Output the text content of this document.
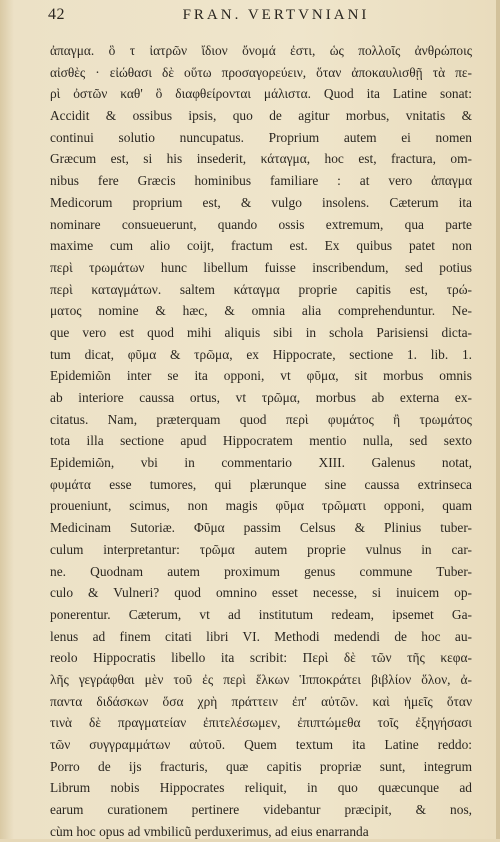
42	FRAN. VERTVNIANI
ἀπαγμα. ὃ τ ἰατρῶν ἴδιον ὄνομά ἐστι, ὡς πολλοῖς ἀνθρώποις
αἰσθὲς · εἰώθασι δὲ οὕτω προσαγορεύειν, ὅταν ἀποκαυλισθῇ τὰ πε-
ρὶ ὀστῶν καθ' ὃ διαφθείρονται μάλιστα. Quod ita Latine sonat:
Accidit & ossibus ipsis, quo de agitur morbus, vnitatis &
continui solutio nuncupatus. Proprium autem ei nomen
Græcum est, si his insederit, κάταγμα, hoc est, fractura, om-
nibus fere Græcis hominibus familiare : at vero ἀπαγμα
Medicorum proprium est, & vulgo insolens. Cæterum ita
nominare consueuerunt, quando ossis extremum, qua parte
maxime cum alio coijt, fractum est. Ex quibus patet non
περὶ τρωμάτων hunc libellum fuisse inscribendum, sed potius
περὶ καταγμάτων. saltem κάταγμα proprie capitis est, τρώ-
ματος nomine & hæc, & omnia alia comprehenduntur. Ne-
que vero est quod mihi aliquis sibi in schola Parisiensi dicta-
tum dicat, φῦμα & τρῶμα, ex Hippocrate, sectione 1. lib. 1.
Epidemiῶn inter se ita opponi, vt φῦμα, sit morbus omnis
ab interiore caussa ortus, vt τρῶμα, morbus ab externa ex-
citatus. Nam, præterquam quod περὶ φυμάτος ἢ τρωμάτος
tota illa sectione apud Hippocratem mentio nulla, sed sexto
Epidemiῶn, vbi in commentario XIII. Galenus notat,
φυμάτα esse tumores, qui plærunque sine caussa extrinseca
proueniunt, scimus, non magis φῦμα τρῶματι opponi, quam
Medicinam Sutoriæ. Φῦμα passim Celsus & Plinius tuber-
culum interpretantur: τρῶμα autem proprie vulnus in car-
ne. Quodnam autem proximum genus commune Tuber-
culo & Vulneri? quod omnino esset necesse, si inuicem op-
ponerentur. Cæterum, vt ad institutum redeam, ipsemet Ga-
lenus ad finem citati libri VI. Methodi medendi de hoc au-
reolo Hippocratis libello ita scribit: Περὶ δὲ τῶν τῆς κεφα-
λῆς γεγράφθαι μὲν τοῦ ἐς περὶ ἕλκων Ἱπποκράτει βιβλίον ὅλον, ἀ-
παντα διδάσκων ὅσα χρὴ πράττειν ἐπ' αὐτῶν. καὶ ἡμεῖς ὅταν
τινὰ δὲ πραγματείαν ἐπιτελέσωμεν, ἐπιπτώμεθα τοῖς ἐξηγήσασι
τῶν συγγραμμάτων αὐτοῦ. Quem textum ita Latine reddo:
Porro de ijs fracturis, quæ capitis propriæ sunt, integrum
Librum nobis Hippocrates reliquit, in quo quæcunque ad
earum curationem pertinere videbantur præcipit, & nos,
cùm hoc opus ad vmbilicũ perduxerimus, ad eius enarranda
